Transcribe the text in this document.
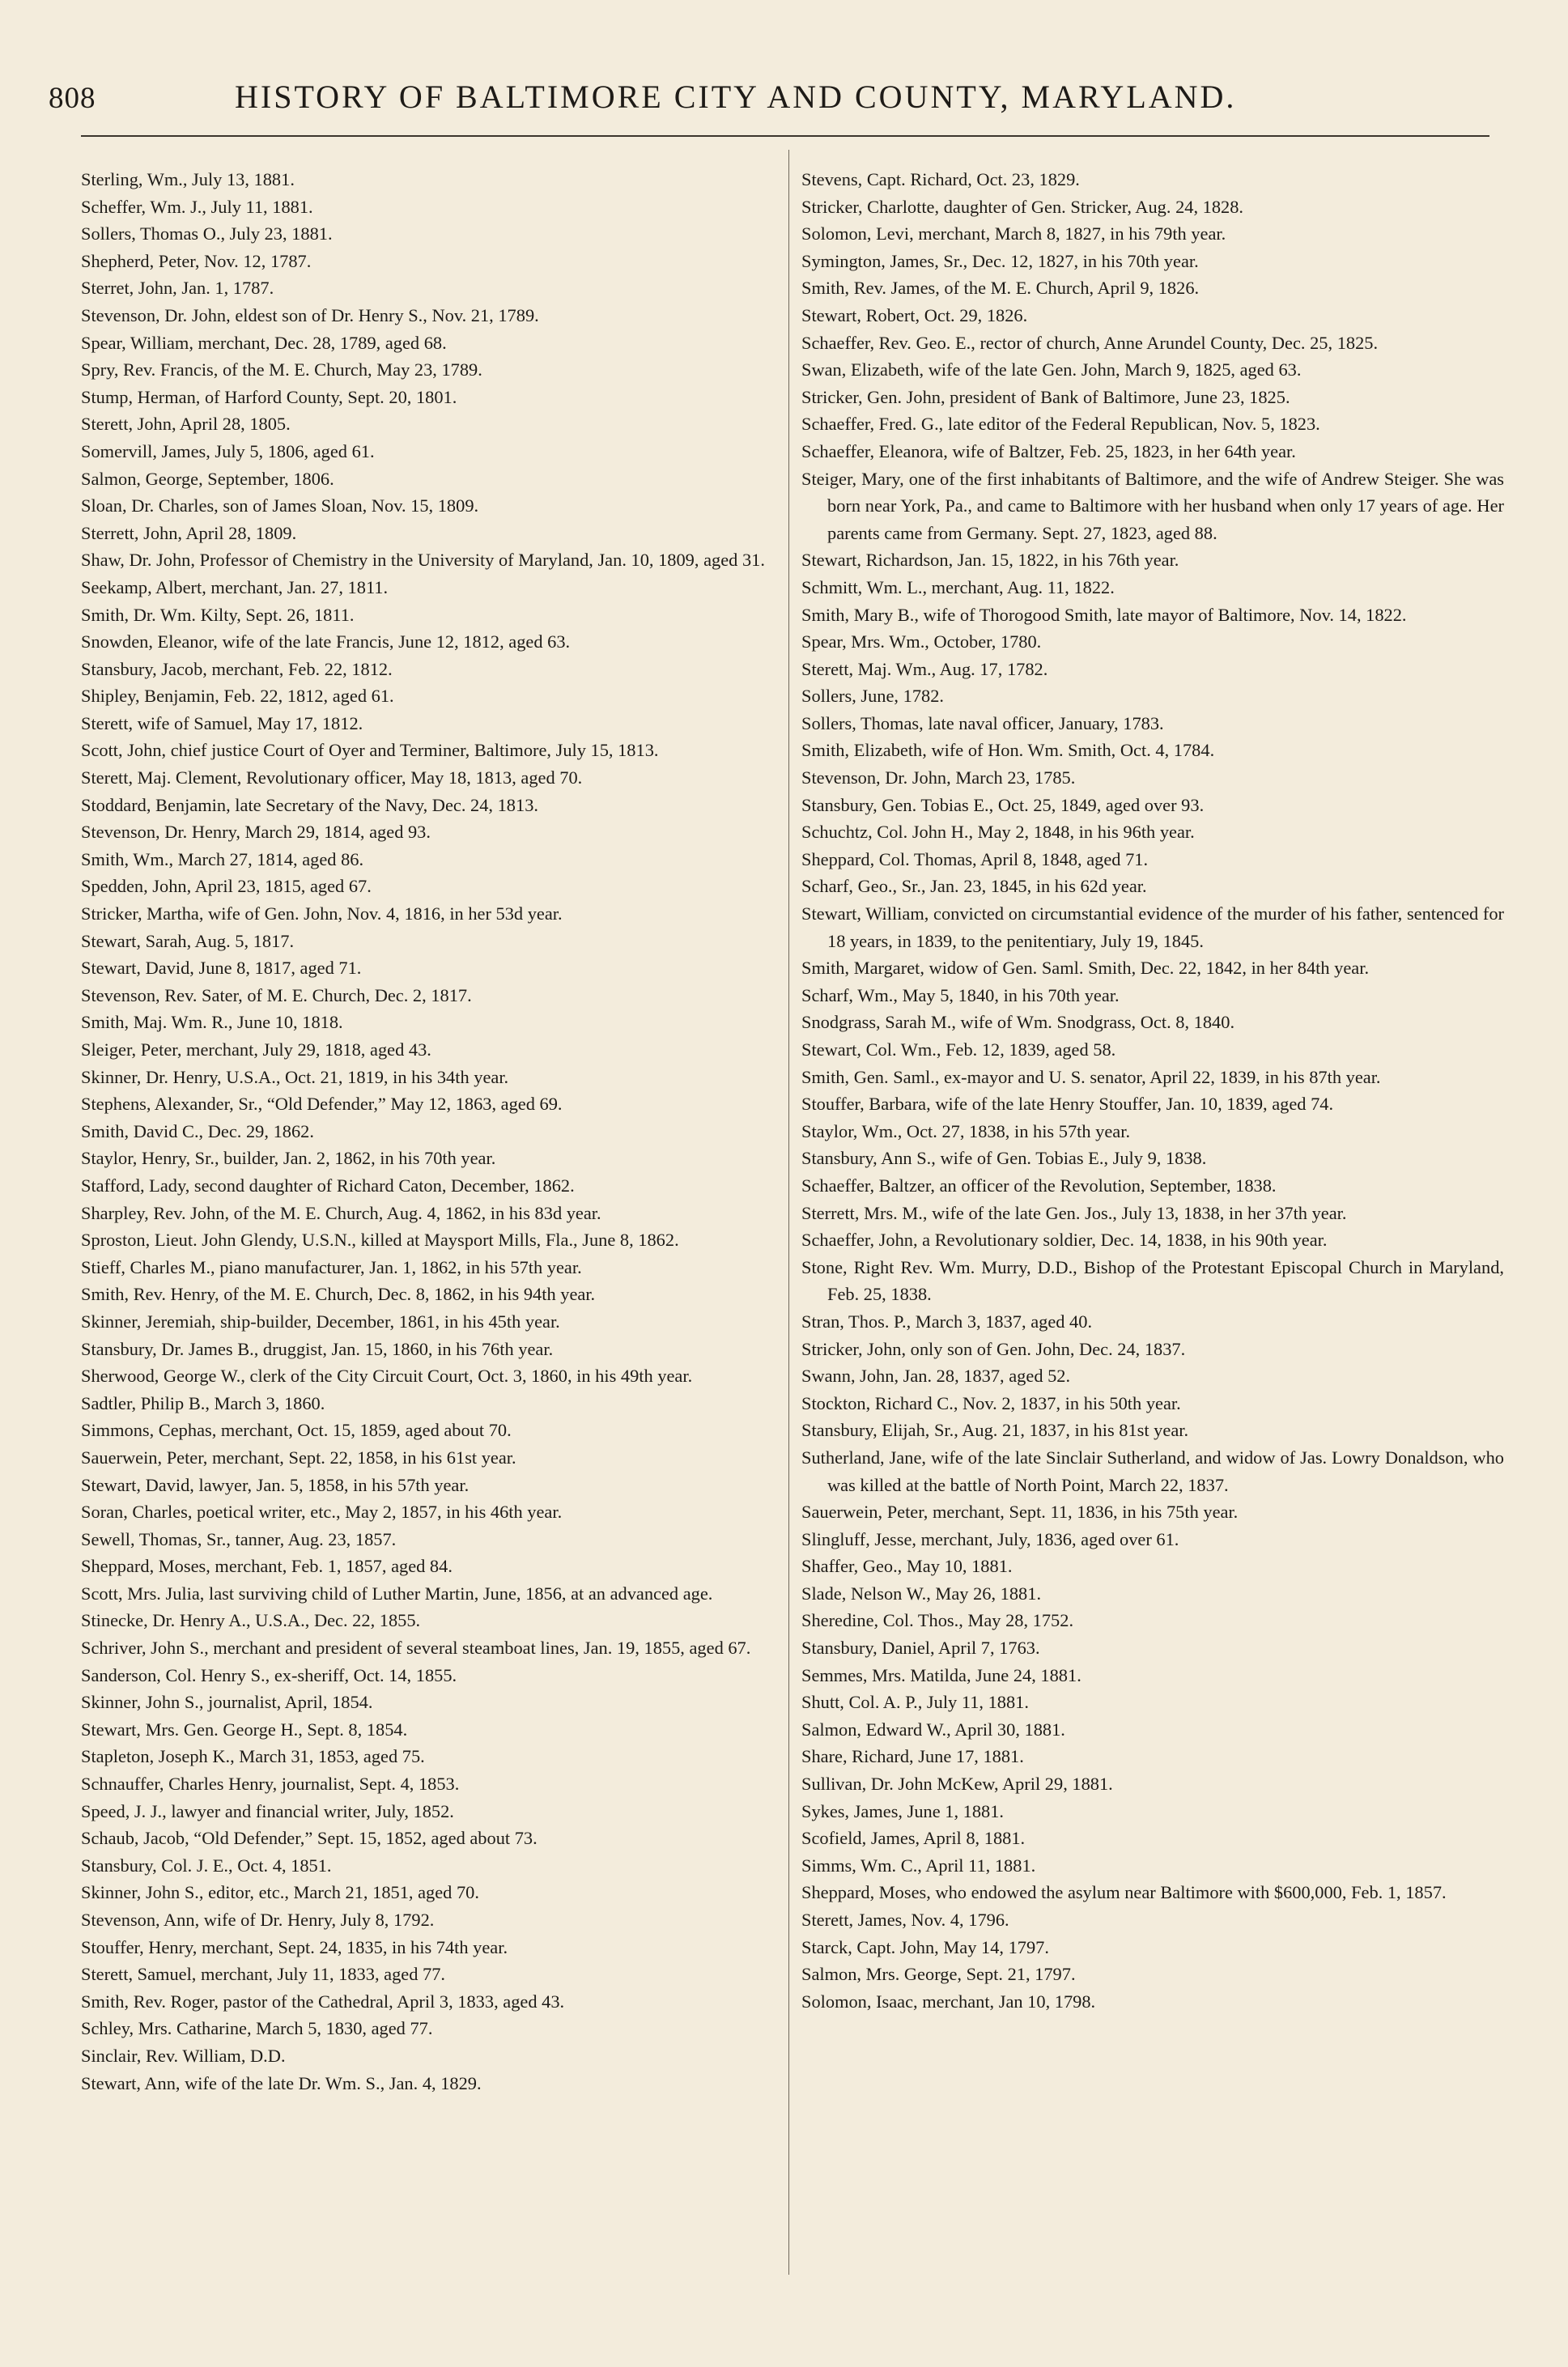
808	HISTORY OF BALTIMORE CITY AND COUNTY, MARYLAND.
Sterling, Wm., July 13, 1881.
Scheffer, Wm. J., July 11, 1881.
Sollers, Thomas O., July 23, 1881.
Shepherd, Peter, Nov. 12, 1787.
Sterret, John, Jan. 1, 1787.
Stevenson, Dr. John, eldest son of Dr. Henry S., Nov. 21, 1789.
Spear, William, merchant, Dec. 28, 1789, aged 68.
Spry, Rev. Francis, of the M. E. Church, May 23, 1789.
Stump, Herman, of Harford County, Sept. 20, 1801.
Sterett, John, April 28, 1805.
Somervill, James, July 5, 1806, aged 61.
Salmon, George, September, 1806.
Sloan, Dr. Charles, son of James Sloan, Nov. 15, 1809.
Sterrett, John, April 28, 1809.
Shaw, Dr. John, Professor of Chemistry in the University of Maryland, Jan. 10, 1809, aged 31.
Seekamp, Albert, merchant, Jan. 27, 1811.
Smith, Dr. Wm. Kilty, Sept. 26, 1811.
Snowden, Eleanor, wife of the late Francis, June 12, 1812, aged 63.
Stansbury, Jacob, merchant, Feb. 22, 1812.
Shipley, Benjamin, Feb. 22, 1812, aged 61.
Sterett, wife of Samuel, May 17, 1812.
Scott, John, chief justice Court of Oyer and Terminer, Baltimore, July 15, 1813.
Sterett, Maj. Clement, Revolutionary officer, May 18, 1813, aged 70.
Stoddard, Benjamin, late Secretary of the Navy, Dec. 24, 1813.
Stevenson, Dr. Henry, March 29, 1814, aged 93.
Smith, Wm., March 27, 1814, aged 86.
Spedden, John, April 23, 1815, aged 67.
Stricker, Martha, wife of Gen. John, Nov. 4, 1816, in her 53d year.
Stewart, Sarah, Aug. 5, 1817.
Stewart, David, June 8, 1817, aged 71.
Stevenson, Rev. Sater, of M. E. Church, Dec. 2, 1817.
Smith, Maj. Wm. R., June 10, 1818.
Sleiger, Peter, merchant, July 29, 1818, aged 43.
Skinner, Dr. Henry, U.S.A., Oct. 21, 1819, in his 34th year.
Stephens, Alexander, Sr., “Old Defender,” May 12, 1863, aged 69.
Smith, David C., Dec. 29, 1862.
Staylor, Henry, Sr., builder, Jan. 2, 1862, in his 70th year.
Stafford, Lady, second daughter of Richard Caton, December, 1862.
Sharpley, Rev. John, of the M. E. Church, Aug. 4, 1862, in his 83d year.
Sproston, Lieut. John Glendy, U.S.N., killed at Maysport Mills, Fla., June 8, 1862.
Stieff, Charles M., piano manufacturer, Jan. 1, 1862, in his 57th year.
Smith, Rev. Henry, of the M. E. Church, Dec. 8, 1862, in his 94th year.
Skinner, Jeremiah, ship-builder, December, 1861, in his 45th year.
Stansbury, Dr. James B., druggist, Jan. 15, 1860, in his 76th year.
Sherwood, George W., clerk of the City Circuit Court, Oct. 3, 1860, in his 49th year.
Sadtler, Philip B., March 3, 1860.
Simmons, Cephas, merchant, Oct. 15, 1859, aged about 70.
Sauerwein, Peter, merchant, Sept. 22, 1858, in his 61st year.
Stewart, David, lawyer, Jan. 5, 1858, in his 57th year.
Soran, Charles, poetical writer, etc., May 2, 1857, in his 46th year.
Sewell, Thomas, Sr., tanner, Aug. 23, 1857.
Sheppard, Moses, merchant, Feb. 1, 1857, aged 84.
Scott, Mrs. Julia, last surviving child of Luther Martin, June, 1856, at an advanced age.
Stinecke, Dr. Henry A., U.S.A., Dec. 22, 1855.
Schriver, John S., merchant and president of several steamboat lines, Jan. 19, 1855, aged 67.
Sanderson, Col. Henry S., ex-sheriff, Oct. 14, 1855.
Skinner, John S., journalist, April, 1854.
Stewart, Mrs. Gen. George H., Sept. 8, 1854.
Stapleton, Joseph K., March 31, 1853, aged 75.
Schnauffer, Charles Henry, journalist, Sept. 4, 1853.
Speed, J. J., lawyer and financial writer, July, 1852.
Schaub, Jacob, “Old Defender,” Sept. 15, 1852, aged about 73.
Stansbury, Col. J. E., Oct. 4, 1851.
Skinner, John S., editor, etc., March 21, 1851, aged 70.
Stevenson, Ann, wife of Dr. Henry, July 8, 1792.
Stouffer, Henry, merchant, Sept. 24, 1835, in his 74th year.
Sterett, Samuel, merchant, July 11, 1833, aged 77.
Smith, Rev. Roger, pastor of the Cathedral, April 3, 1833, aged 43.
Schley, Mrs. Catharine, March 5, 1830, aged 77.
Sinclair, Rev. William, D.D.
Stewart, Ann, wife of the late Dr. Wm. S., Jan. 4, 1829.
Stevens, Capt. Richard, Oct. 23, 1829.
Stricker, Charlotte, daughter of Gen. Stricker, Aug. 24, 1828.
Solomon, Levi, merchant, March 8, 1827, in his 79th year.
Symington, James, Sr., Dec. 12, 1827, in his 70th year.
Smith, Rev. James, of the M. E. Church, April 9, 1826.
Stewart, Robert, Oct. 29, 1826.
Schaeffer, Rev. Geo. E., rector of church, Anne Arundel County, Dec. 25, 1825.
Swan, Elizabeth, wife of the late Gen. John, March 9, 1825, aged 63.
Stricker, Gen. John, president of Bank of Baltimore, June 23, 1825.
Schaeffer, Fred. G., late editor of the Federal Republican, Nov. 5, 1823.
Schaeffer, Eleanora, wife of Baltzer, Feb. 25, 1823, in her 64th year.
Steiger, Mary, one of the first inhabitants of Baltimore, and the wife of Andrew Steiger. She was born near York, Pa., and came to Baltimore with her husband when only 17 years of age. Her parents came from Germany. Sept. 27, 1823, aged 88.
Stewart, Richardson, Jan. 15, 1822, in his 76th year.
Schmitt, Wm. L., merchant, Aug. 11, 1822.
Smith, Mary B., wife of Thorogood Smith, late mayor of Baltimore, Nov. 14, 1822.
Spear, Mrs. Wm., October, 1780.
Sterett, Maj. Wm., Aug. 17, 1782.
Sollers, June, 1782.
Sollers, Thomas, late naval officer, January, 1783.
Smith, Elizabeth, wife of Hon. Wm. Smith, Oct. 4, 1784.
Stevenson, Dr. John, March 23, 1785.
Stansbury, Gen. Tobias E., Oct. 25, 1849, aged over 93.
Schuchtz, Col. John H., May 2, 1848, in his 96th year.
Sheppard, Col. Thomas, April 8, 1848, aged 71.
Scharf, Geo., Sr., Jan. 23, 1845, in his 62d year.
Stewart, William, convicted on circumstantial evidence of the murder of his father, sentenced for 18 years, in 1839, to the penitentiary, July 19, 1845.
Smith, Margaret, widow of Gen. Saml. Smith, Dec. 22, 1842, in her 84th year.
Scharf, Wm., May 5, 1840, in his 70th year.
Snodgrass, Sarah M., wife of Wm. Snodgrass, Oct. 8, 1840.
Stewart, Col. Wm., Feb. 12, 1839, aged 58.
Smith, Gen. Saml., ex-mayor and U. S. senator, April 22, 1839, in his 87th year.
Stouffer, Barbara, wife of the late Henry Stouffer, Jan. 10, 1839, aged 74.
Staylor, Wm., Oct. 27, 1838, in his 57th year.
Stansbury, Ann S., wife of Gen. Tobias E., July 9, 1838.
Schaeffer, Baltzer, an officer of the Revolution, September, 1838.
Sterrett, Mrs. M., wife of the late Gen. Jos., July 13, 1838, in her 37th year.
Schaeffer, John, a Revolutionary soldier, Dec. 14, 1838, in his 90th year.
Stone, Right Rev. Wm. Murry, D.D., Bishop of the Protestant Episcopal Church in Maryland, Feb. 25, 1838.
Stran, Thos. P., March 3, 1837, aged 40.
Stricker, John, only son of Gen. John, Dec. 24, 1837.
Swann, John, Jan. 28, 1837, aged 52.
Stockton, Richard C., Nov. 2, 1837, in his 50th year.
Stansbury, Elijah, Sr., Aug. 21, 1837, in his 81st year.
Sutherland, Jane, wife of the late Sinclair Sutherland, and widow of Jas. Lowry Donaldson, who was killed at the battle of North Point, March 22, 1837.
Sauerwein, Peter, merchant, Sept. 11, 1836, in his 75th year.
Slingluff, Jesse, merchant, July, 1836, aged over 61.
Shaffer, Geo., May 10, 1881.
Slade, Nelson W., May 26, 1881.
Sheredine, Col. Thos., May 28, 1752.
Stansbury, Daniel, April 7, 1763.
Semmes, Mrs. Matilda, June 24, 1881.
Shutt, Col. A. P., July 11, 1881.
Salmon, Edward W., April 30, 1881.
Share, Richard, June 17, 1881.
Sullivan, Dr. John McKew, April 29, 1881.
Sykes, James, June 1, 1881.
Scofield, James, April 8, 1881.
Simms, Wm. C., April 11, 1881.
Sheppard, Moses, who endowed the asylum near Baltimore with $600,000, Feb. 1, 1857.
Sterett, James, Nov. 4, 1796.
Starck, Capt. John, May 14, 1797.
Salmon, Mrs. George, Sept. 21, 1797.
Solomon, Isaac, merchant, Jan 10, 1798.
